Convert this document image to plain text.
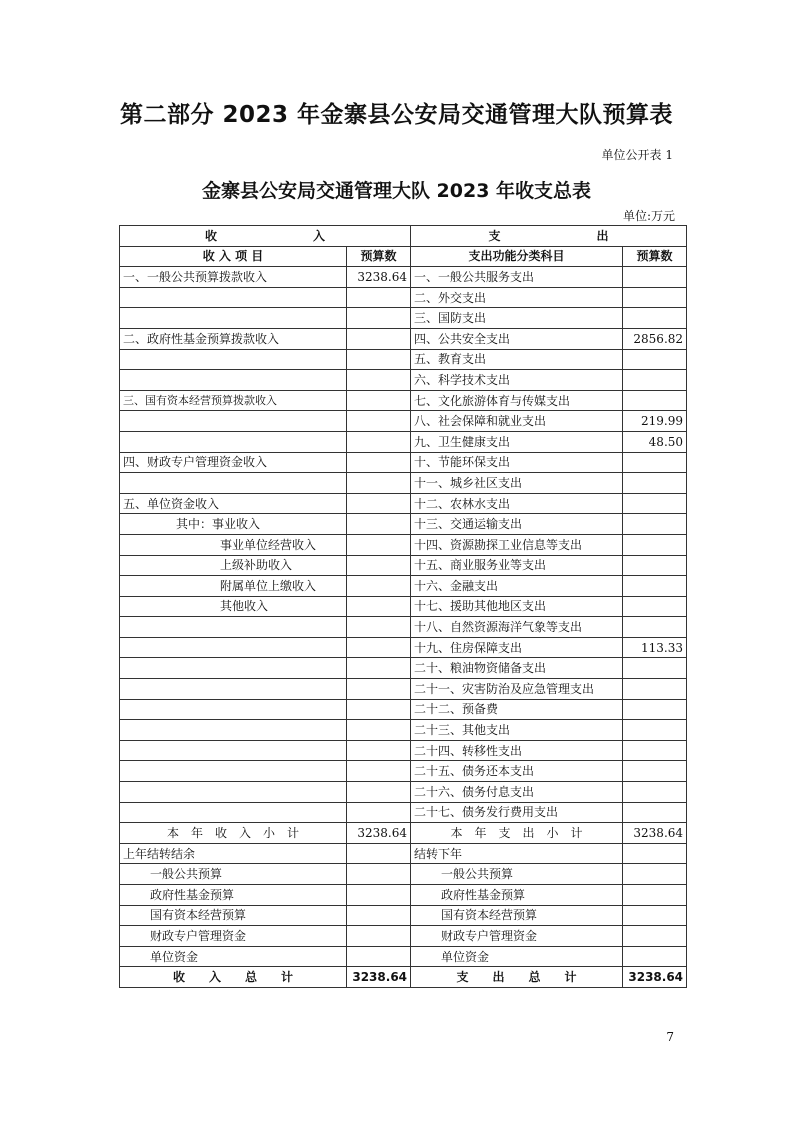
第二部分 2023 年金寨县公安局交通管理大队预算表
单位公开表 1
金寨县公安局交通管理大队 2023 年收支总表
单位:万元
收　　　　　　　　入		支　　　　　　　　出	
收 入 项 目	预算数	支出功能分类科目	预算数
一、一般公共预算拨款收入	3238.64	一、一般公共服务支出	
		二、外交支出	
		三、国防支出	
二、政府性基金预算拨款收入		四、公共安全支出	2856.82
		五、教育支出	
		六、科学技术支出	
三、国有资本经营预算拨款收入		七、文化旅游体育与传媒支出	
		八、社会保障和就业支出	219.99
		九、卫生健康支出	48.50
四、财政专户管理资金收入		十、节能环保支出	
		十一、城乡社区支出	
五、单位资金收入		十二、农林水支出	
其中：事业收入		十三、交通运输支出	
事业单位经营收入		十四、资源勘探工业信息等支出	
上级补助收入		十五、商业服务业等支出	
附属单位上缴收入		十六、金融支出	
其他收入		十七、援助其他地区支出	
		十八、自然资源海洋气象等支出	
		十九、住房保障支出	113.33
		二十、粮油物资储备支出	
		二十一、灾害防治及应急管理支出	
		二十二、预备费	
		二十三、其他支出	
		二十四、转移性支出	
		二十五、债务还本支出	
		二十六、债务付息支出	
		二十七、债务发行费用支出	
本　年　收　入　小　计	3238.64	本　年　支　出　小　计	3238.64
上年结转结余		结转下年	
一般公共预算		一般公共预算	
政府性基金预算		政府性基金预算	
国有资本经营预算		国有资本经营预算	
财政专户管理资金		财政专户管理资金	
单位资金		单位资金	
收　　入　　总　　计	3238.64	支　　出　　总　　计	3238.64
7
